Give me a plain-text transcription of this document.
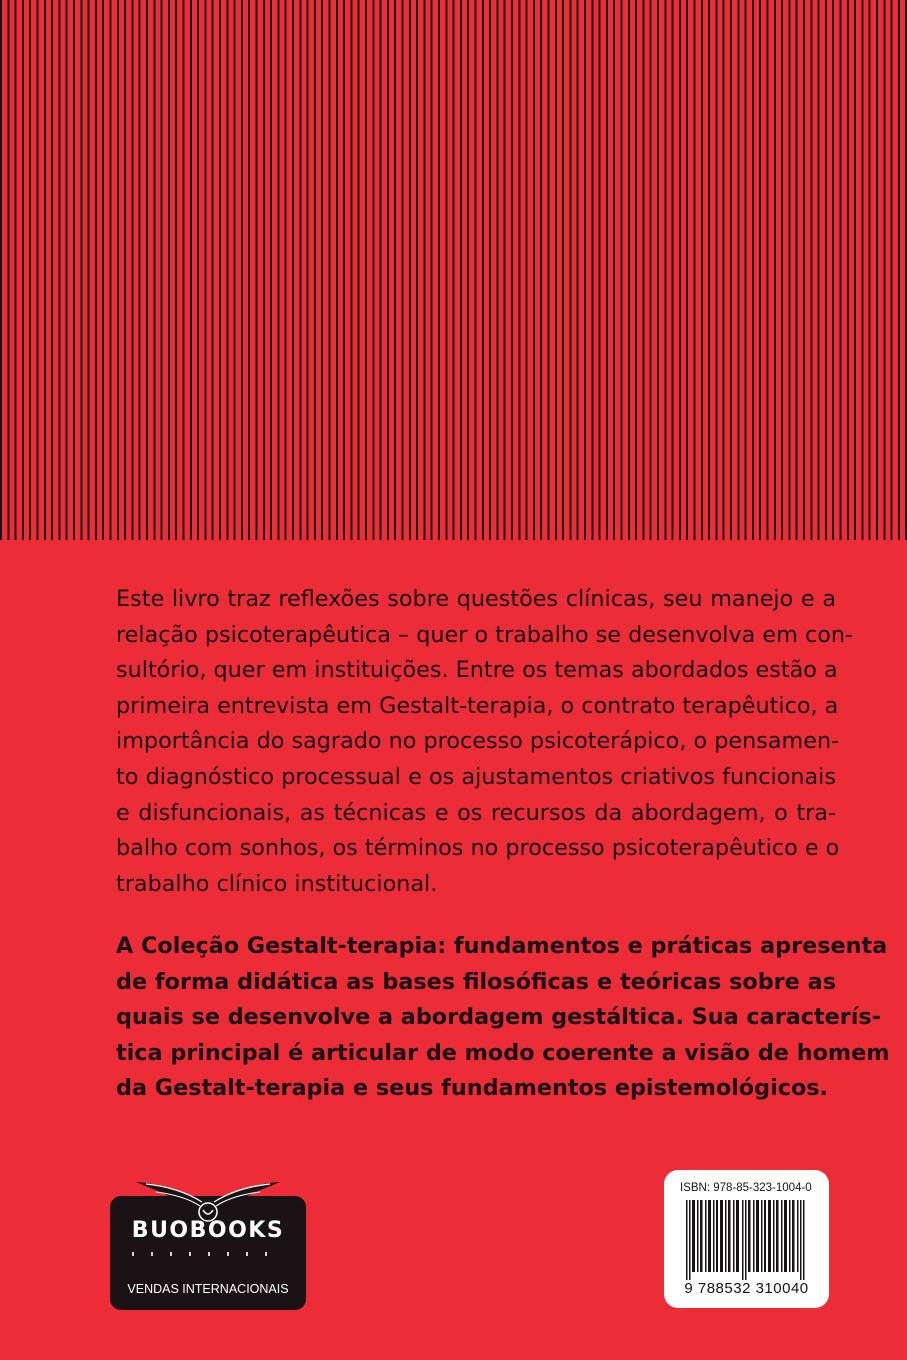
Este livro traz reflexões sobre questões clínicas, seu manejo e a
relação psicoterapêutica – quer o trabalho se desenvolva em con-
sultório, quer em instituições. Entre os temas abordados estão a
primeira entrevista em Gestalt-terapia, o contrato terapêutico, a
importância do sagrado no processo psicoterápico, o pensamen-
to diagnóstico processual e os ajustamentos criativos funcionais
e disfuncionais, as técnicas e os recursos da abordagem, o tra-
balho com sonhos, os términos no processo psicoterapêutico e o
trabalho clínico institucional.

A Coleção Gestalt-terapia: fundamentos e práticas apresenta
de forma didática as bases filosóficas e teóricas sobre as
quais se desenvolve a abordagem gestáltica. Sua caracterís-
tica principal é articular de modo coerente a visão de homem
da Gestalt-terapia e seus fundamentos epistemológicos.

BUOBOOKS
VENDAS INTERNACIONAIS
ISBN: 978-85-323-1004-0
9 788532 310040
